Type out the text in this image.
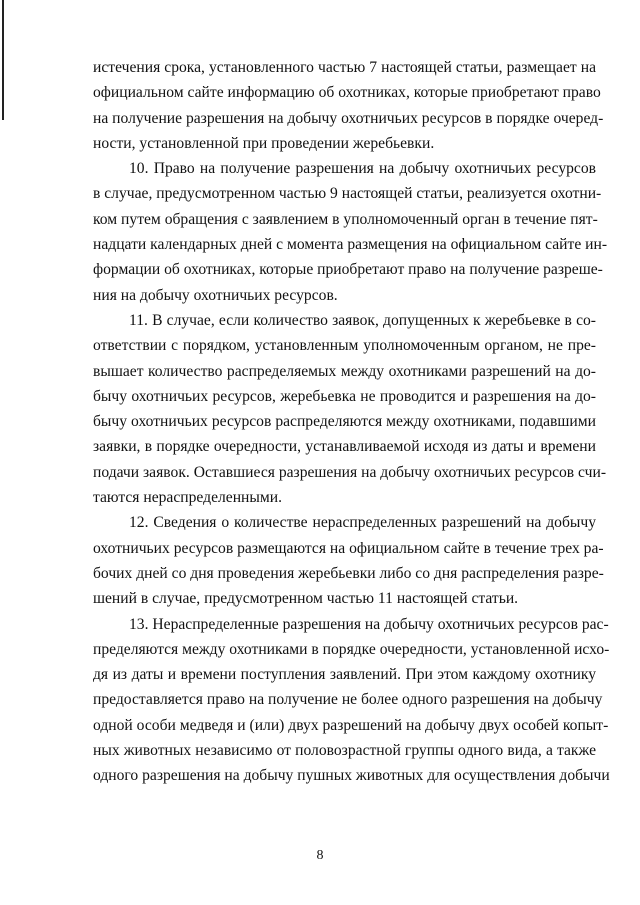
истечения срока, установленного частью 7 настоящей статьи, размещает на
официальном сайте информацию об охотниках, которые приобретают право
на получение разрешения на добычу охотничьих ресурсов в порядке очеред-
ности, установленной при проведении жеребьевки.
10. Право на получение разрешения на добычу охотничьих ресурсов
в случае, предусмотренном частью 9 настоящей статьи, реализуется охотни-
ком путем обращения с заявлением в уполномоченный орган в течение пят-
надцати календарных дней с момента размещения на официальном сайте ин-
формации об охотниках, которые приобретают право на получение разреше-
ния на добычу охотничьих ресурсов.
11. В случае, если количество заявок, допущенных к жеребьевке в со-
ответствии с порядком, установленным уполномоченным органом, не пре-
вышает количество распределяемых между охотниками разрешений на до-
бычу охотничьих ресурсов, жеребьевка не проводится и разрешения на до-
бычу охотничьих ресурсов распределяются между охотниками, подавшими
заявки, в порядке очередности, устанавливаемой исходя из даты и времени
подачи заявок. Оставшиеся разрешения на добычу охотничьих ресурсов счи-
таются нераспределенными.
12. Сведения о количестве нераспределенных разрешений на добычу
охотничьих ресурсов размещаются на официальном сайте в течение трех ра-
бочих дней со дня проведения жеребьевки либо со дня распределения разре-
шений в случае, предусмотренном частью 11 настоящей статьи.
13. Нераспределенные разрешения на добычу охотничьих ресурсов рас-
пределяются между охотниками в порядке очередности, установленной исхо-
дя из даты и времени поступления заявлений. При этом каждому охотнику
предоставляется право на получение не более одного разрешения на добычу
одной особи медведя и (или) двух разрешений на добычу двух особей копыт-
ных животных независимо от половозрастной группы одного вида, а также
одного разрешения на добычу пушных животных для осуществления добычи
8
